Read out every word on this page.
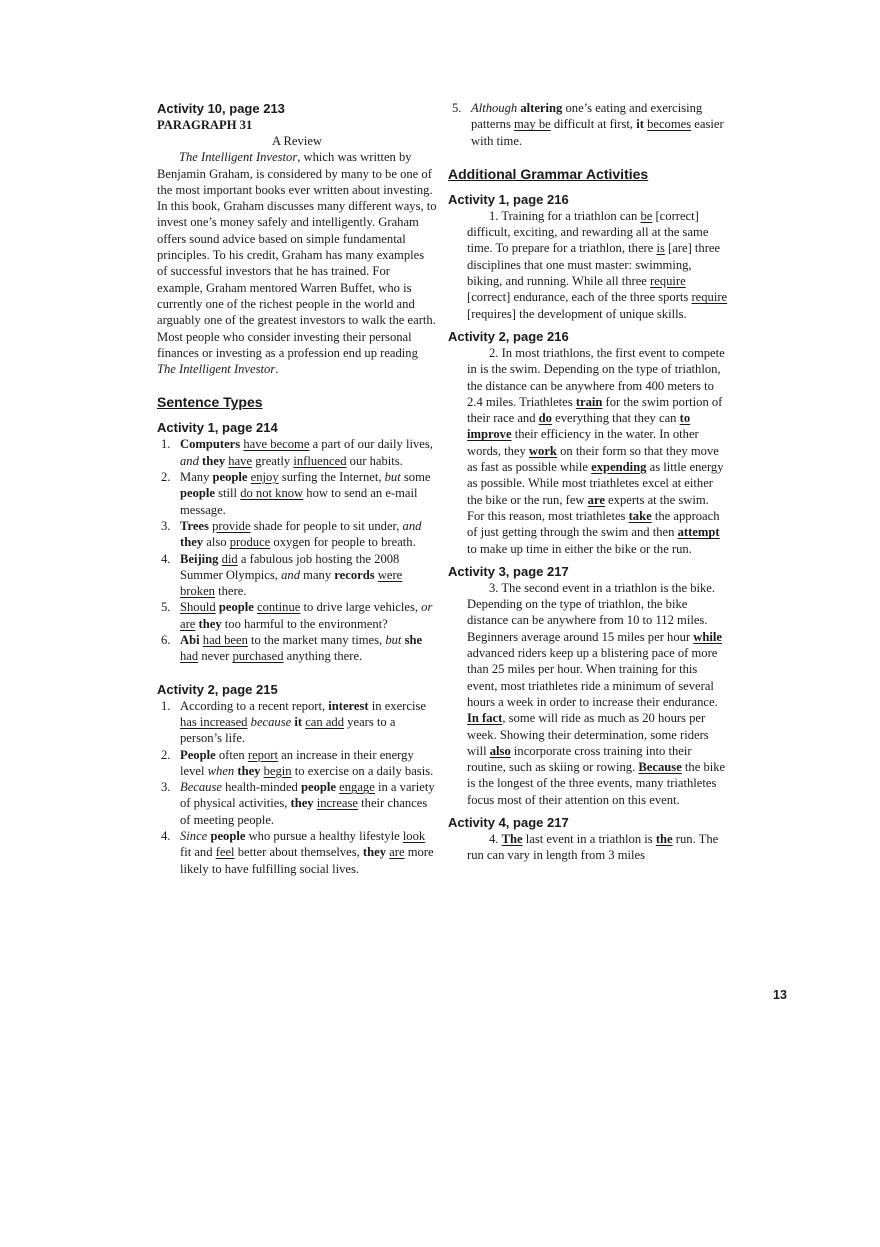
Activity 10, page 213
PARAGRAPH 31
A Review

The Intelligent Investor, which was written by Benjamin Graham, is considered by many to be one of the most important books ever written about investing. In this book, Graham discusses many different ways, to invest one’s money safely and intelligently. Graham offers sound advice based on simple fundamental principles. To his credit, Graham has many examples of successful investors that he has trained. For example, Graham mentored Warren Buffet, who is currently one of the richest people in the world and arguably one of the greatest investors to walk the earth. Most people who consider investing their personal finances or investing as a profession end up reading The Intelligent Investor.

Sentence Types
Activity 1, page 214
1. Computers have become a part of our daily lives, and they have greatly influenced our habits.
2. Many people enjoy surfing the Internet, but some people still do not know how to send an e-mail message.
3. Trees provide shade for people to sit under, and they also produce oxygen for people to breath.
4. Beijing did a fabulous job hosting the 2008 Summer Olympics, and many records were broken there.
5. Should people continue to drive large vehicles, or are they too harmful to the environment?
6. Abi had been to the market many times, but she had never purchased anything there.
Activity 2, page 215
1. According to a recent report, interest in exercise has increased because it can add years to a person’s life.
2. People often report an increase in their energy level when they begin to exercise on a daily basis.
3. Because health-minded people engage in a variety of physical activities, they increase their chances of meeting people.
4. Since people who pursue a healthy lifestyle look fit and feel better about themselves, they are more likely to have fulfilling social lives.
5. Although altering one’s eating and exercising patterns may be difficult at first, it becomes easier with time.
Additional Grammar Activities
Activity 1, page 216

1. Training for a triathlon can be [correct] difficult, exciting, and rewarding all at the same time. To prepare for a triathlon, there is [are] three disciplines that one must master: swimming, biking, and running. While all three require [correct] endurance, each of the three sports require [requires] the development of unique skills.

Activity 2, page 216

2. In most triathlons, the first event to compete in is the swim. Depending on the type of triathlon, the distance can be anywhere from 400 meters to 2.4 miles. Triathletes train for the swim portion of their race and do everything that they can to improve their efficiency in the water. In other words, they work on their form so that they move as fast as possible while expending as little energy as possible. While most triathletes excel at either the bike or the run, few are experts at the swim. For this reason, most triathletes take the approach of just getting through the swim and then attempt to make up time in either the bike or the run.

Activity 3, page 217

3. The second event in a triathlon is the bike. Depending on the type of triathlon, the bike distance can be anywhere from 10 to 112 miles. Beginners average around 15 miles per hour while advanced riders keep up a blistering pace of more than 25 miles per hour. When training for this event, most triathletes ride a minimum of several hours a week in order to increase their endurance. In fact, some will ride as much as 20 hours per week. Showing their determination, some riders will also incorporate cross training into their routine, such as skiing or rowing. Because the bike is the longest of the three events, many triathletes focus most of their attention on this event.

Activity 4, page 217

4. The last event in a triathlon is the run. The run can vary in length from 3 miles

13
